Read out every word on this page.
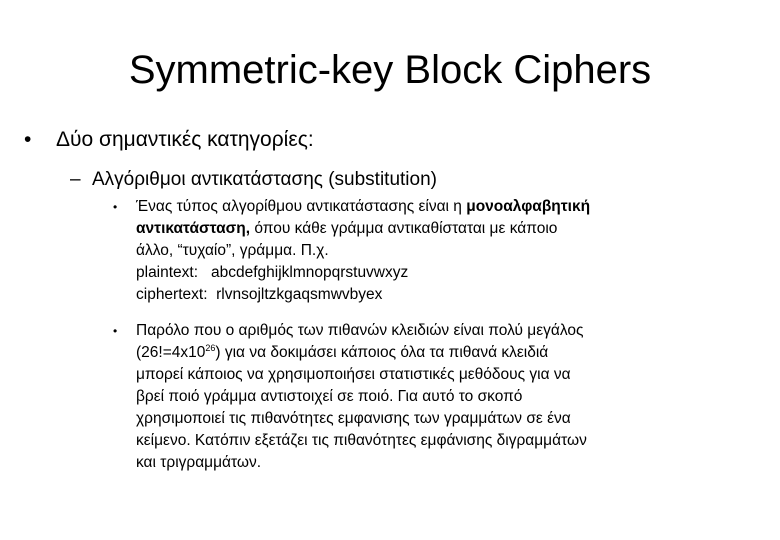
Symmetric-key Block Ciphers
• Δύο σημαντικές κατηγορίες:
– Αλγόριθμοι αντικατάστασης (substitution)
• Ένας τύπος αλγορίθμου αντικατάστασης είναι η μονοαλφαβητική
αντικατάσταση, όπου κάθε γράμμα αντικαθίσταται με κάποιο
άλλο, “τυχαίο”, γράμμα. Π.χ.
plaintext: abcdefghijklmnopqrstuvwxyz
ciphertext: rlvnsojltzkgaqsmwvbyex
• Παρόλο που ο αριθμός των πιθανών κλειδιών είναι πολύ μεγάλος
$(26!=4x10^{26})$ για να δοκιμάσει κάποιος όλα τα πιθανά κλειδιά
μπορεί κάποιος να χρησιμοποιήσει στατιστικές μεθόδους για να
βρεί ποιό γράμμα αντιστοιχεί σε ποιό. Για αυτό το σκοπό
χρησιμοποιεί τις πιθανότητες εμφανισης των γραμμάτων σε ένα
κείμενο. Κατόπιν εξετάζει τις πιθανότητες εμφάνισης διγραμμάτων
και τριγραμμάτων.
